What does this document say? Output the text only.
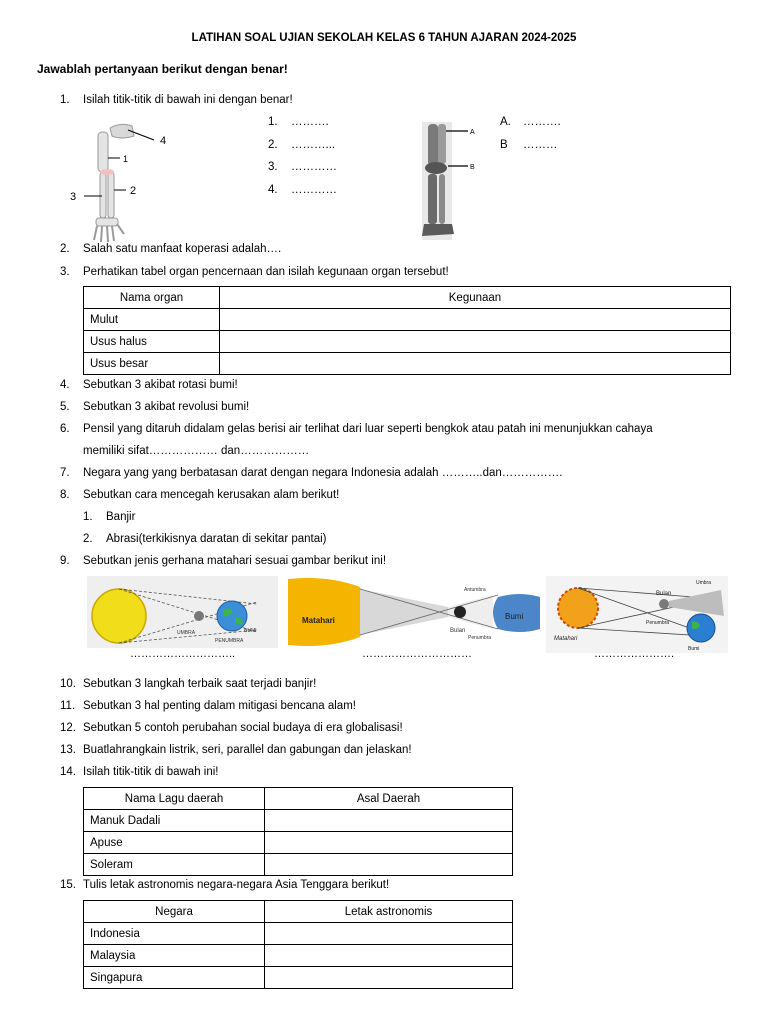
LATIHAN SOAL UJIAN SEKOLAH KELAS 6 TAHUN AJARAN 2024-2025
Jawablah pertanyaan berikut dengan benar!
1. Isilah titik-titik di bawah ini dengan benar!
4
1
2
3
1. ……….
2. ………...
3. …………
4. …………
A
B
A. ……….
B ………
2. Salah satu manfaat koperasi adalah….
3. Perhatikan tabel organ pencernaan dan isilah kegunaan organ tersebut!
Nama organ	Kegunaan
Mulut	
Usus halus	
Usus besar	
4. Sebutkan 3 akibat rotasi bumi!
5. Sebutkan 3 akibat revolusi bumi!
6. Pensil yang ditaruh didalam gelas berisi air terlihat dari luar seperti bengkok atau patah ini menunjukkan cahaya
memiliki sifat……………… dan………………
7. Negara yang yang berbatasan darat dengan negara Indonesia adalah ………..dan…………….
8. Sebutkan cara mencegah kerusakan alam berikut!
1. Banjir
2. Abrasi(terkikisnya daratan di sekitar pantai)
9. Sebutkan jenis gerhana matahari sesuai gambar berikut ini!
UMBRA
PENUMBRA
BUMI
Matahari
Antumbra
Bulan
Penumbra
Bumi
Bulan
Umbra
Penumbra
Matahari
Bumi
………………………..	…………………………	………………….
10. Sebutkan 3 langkah terbaik saat terjadi banjir!
11. Sebutkan 3 hal penting dalam mitigasi bencana alam!
12. Sebutkan 5 contoh perubahan social budaya di era globalisasi!
13. Buatlahrangkain listrik, seri, parallel dan gabungan dan jelaskan!
14. Isilah titik-titik di bawah ini!
Nama Lagu daerah	Asal Daerah
Manuk Dadali	
Apuse	
Soleram	
15. Tulis letak astronomis negara-negara Asia Tenggara berikut!
Negara	Letak astronomis
Indonesia	
Malaysia	
Singapura	
